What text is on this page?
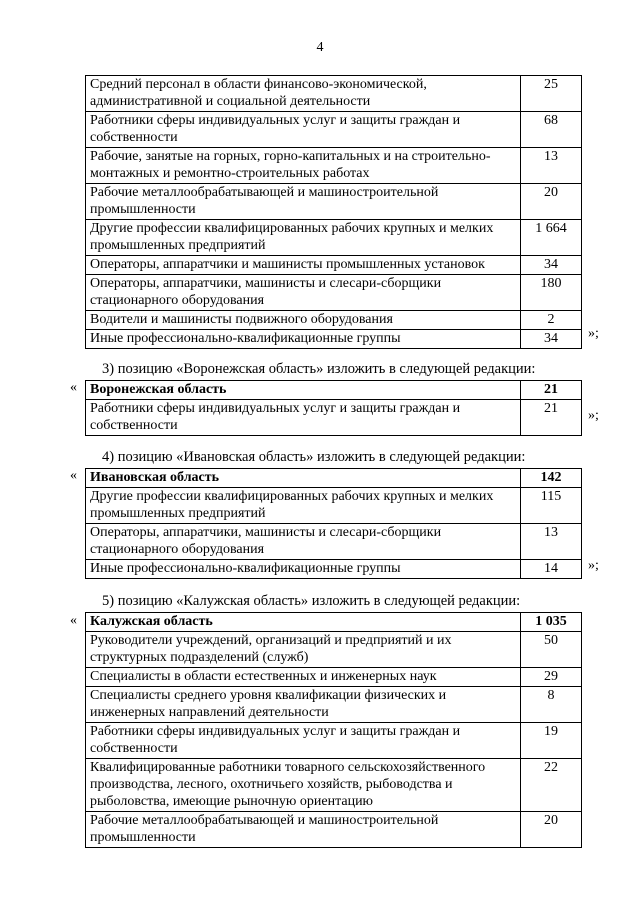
4
Средний персонал в области финансово-экономической, административной и социальной деятельности	25
Работники сферы индивидуальных услуг и защиты граждан и собственности	68
Рабочие, занятые на горных, горно-капитальных и на строительно-монтажных и ремонтно-строительных работах	13
Рабочие металлообрабатывающей и машиностроительной промышленности	20
Другие профессии квалифицированных рабочих крупных и мелких промышленных предприятий	1 664
Операторы, аппаратчики и машинисты промышленных установок	34
Операторы, аппаратчики, машинисты и слесари-сборщики стационарного оборудования	180
Водители и машинисты подвижного оборудования	2
Иные профессионально-квалификационные группы	34 »;
3) позицию «Воронежская область» изложить в следующей редакции:
« Воронежская область	21
Работники сферы индивидуальных услуг и защиты граждан и собственности	21 »;
4) позицию «Ивановская область» изложить в следующей редакции:
« Ивановская область	142
Другие профессии квалифицированных рабочих крупных и мелких промышленных предприятий	115
Операторы, аппаратчики, машинисты и слесари-сборщики стационарного оборудования	13
Иные профессионально-квалификационные группы	14 »;
5) позицию «Калужская область» изложить в следующей редакции:
« Калужская область	1 035
Руководители учреждений, организаций и предприятий и их структурных подразделений (служб)	50
Специалисты в области естественных и инженерных наук	29
Специалисты среднего уровня квалификации физических и инженерных направлений деятельности	8
Работники сферы индивидуальных услуг и защиты граждан и собственности	19
Квалифицированные работники товарного сельскохозяйственного производства, лесного, охотничьего хозяйств, рыбоводства и рыболовства, имеющие рыночную ориентацию	22
Рабочие металлообрабатывающей и машиностроительной промышленности	20
